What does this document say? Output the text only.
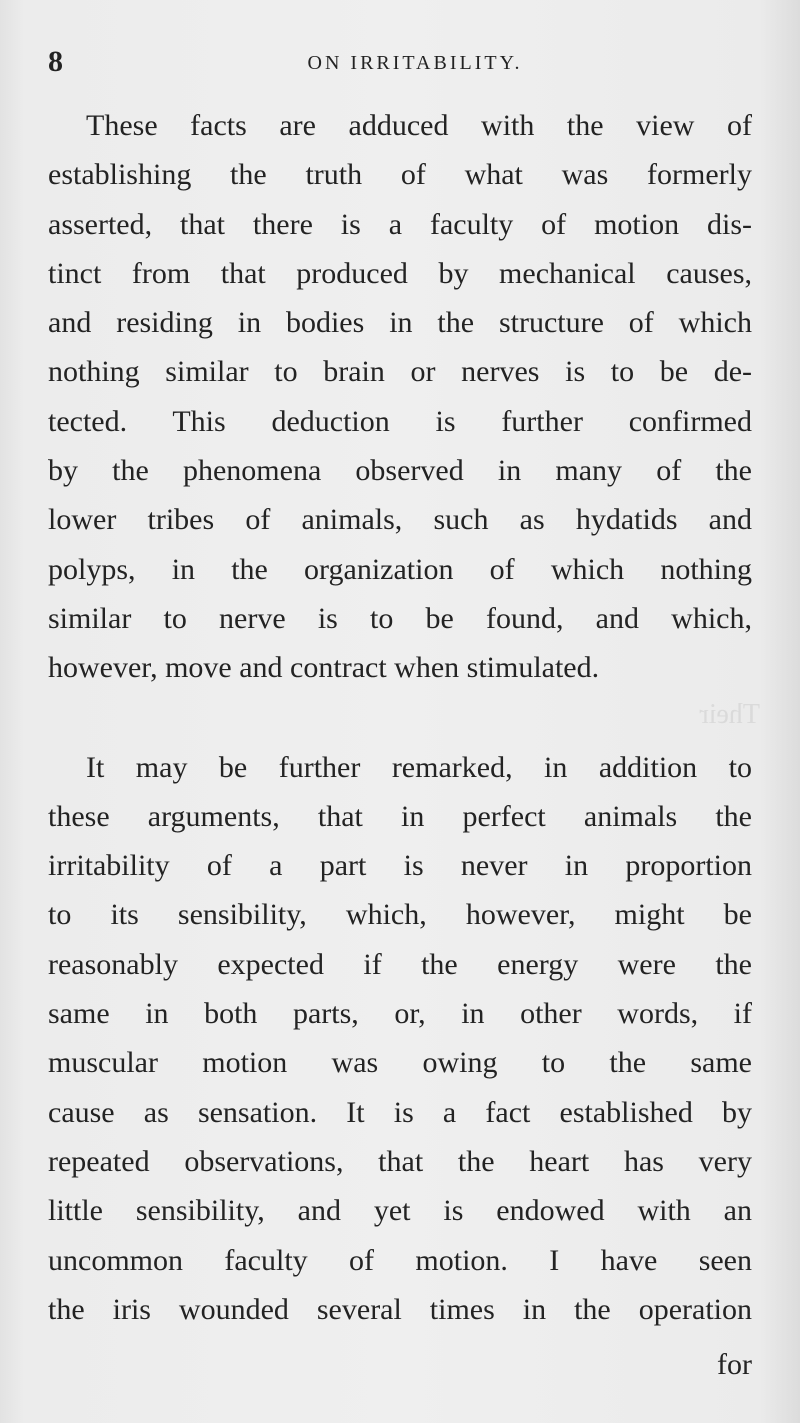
8	ON IRRITABILITY.
Their
These facts are adduced with the view of
establishing the truth of what was formerly
asserted, that there is a faculty of motion dis-
tinct from that produced by mechanical causes,
and residing in bodies in the structure of which
nothing similar to brain or nerves is to be de-
tected. This deduction is further confirmed
by the phenomena observed in many of the
lower tribes of animals, such as hydatids and
polyps, in the organization of which nothing
similar to nerve is to be found, and which,
however, move and contract when stimulated.
It may be further remarked, in addition to
these arguments, that in perfect animals the
irritability of a part is never in proportion
to its sensibility, which, however, might be
reasonably expected if the energy were the
same in both parts, or, in other words, if
muscular motion was owing to the same
cause as sensation. It is a fact established by
repeated observations, that the heart has very
little sensibility, and yet is endowed with an
uncommon faculty of motion. I have seen
the iris wounded several times in the operation
for
